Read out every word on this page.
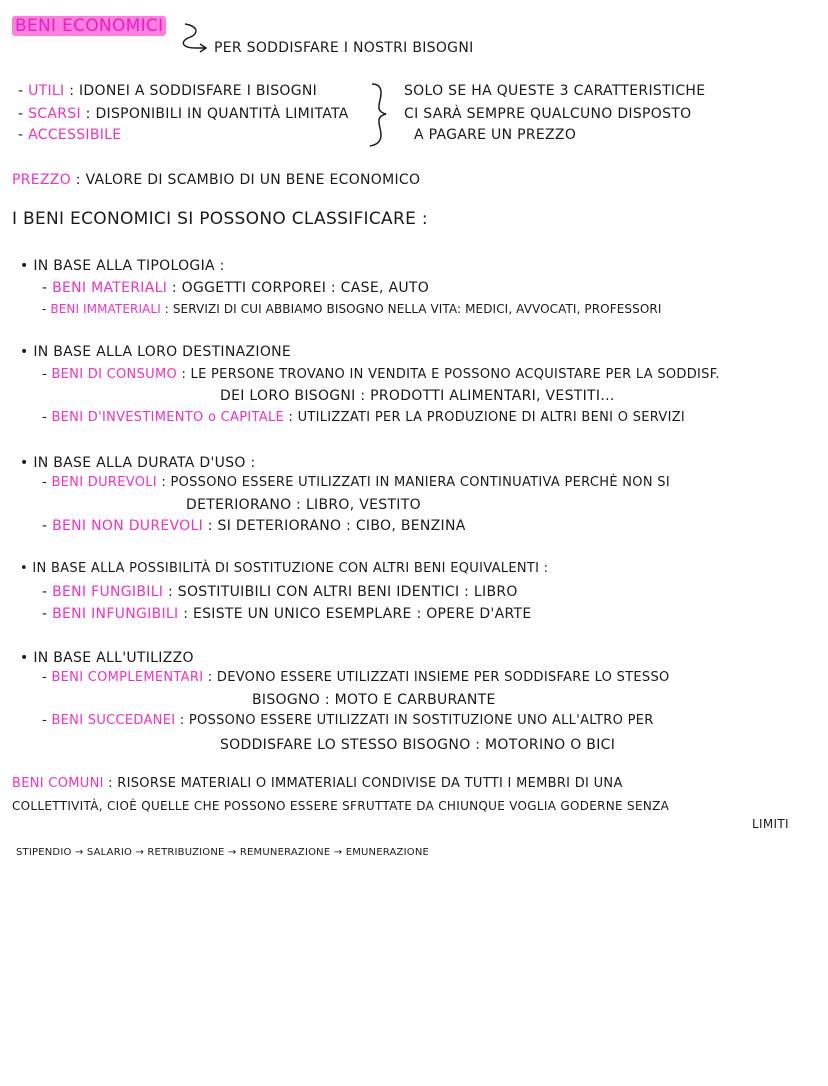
BENI ECONOMICI
PER SODDISFARE I NOSTRI BISOGNI
- UTILI : IDONEI A SODDISFARE I BISOGNI
- SCARSI : DISPONIBILI IN QUANTITÀ LIMITATA
- ACCESSIBILE
SOLO SE HA QUESTE 3 CARATTERISTICHE
CI SARÀ SEMPRE QUALCUNO DISPOSTO
A PAGARE UN PREZZO
PREZZO : VALORE DI SCAMBIO DI UN BENE ECONOMICO
I BENI ECONOMICI SI POSSONO CLASSIFICARE :
• IN BASE ALLA TIPOLOGIA :
- BENI MATERIALI : OGGETTI CORPOREI : CASE, AUTO
- BENI IMMATERIALI : SERVIZI DI CUI ABBIAMO BISOGNO NELLA VITA: MEDICI, AVVOCATI, PROFESSORI
• IN BASE ALLA LORO DESTINAZIONE
- BENI DI CONSUMO : LE PERSONE TROVANO IN VENDITA E POSSONO ACQUISTARE PER LA SODDISF.
DEI LORO BISOGNI : PRODOTTI ALIMENTARI, VESTITI...
- BENI D'INVESTIMENTO o CAPITALE : UTILIZZATI PER LA PRODUZIONE DI ALTRI BENI O SERVIZI
• IN BASE ALLA DURATA D'USO :
- BENI DUREVOLI : POSSONO ESSERE UTILIZZATI IN MANIERA CONTINUATIVA PERCHÈ NON SI
DETERIORANO : LIBRO, VESTITO
- BENI NON DUREVOLI : SI DETERIORANO : CIBO, BENZINA
• IN BASE ALLA POSSIBILITÀ DI SOSTITUZIONE CON ALTRI BENI EQUIVALENTI :
- BENI FUNGIBILI : SOSTITUIBILI CON ALTRI BENI IDENTICI : LIBRO
- BENI INFUNGIBILI : ESISTE UN UNICO ESEMPLARE : OPERE D'ARTE
• IN BASE ALL'UTILIZZO
- BENI COMPLEMENTARI : DEVONO ESSERE UTILIZZATI INSIEME PER SODDISFARE LO STESSO
BISOGNO : MOTO E CARBURANTE
- BENI SUCCEDANEI : POSSONO ESSERE UTILIZZATI IN SOSTITUZIONE UNO ALL'ALTRO PER
SODDISFARE LO STESSO BISOGNO : MOTORINO O BICI
BENI COMUNI : RISORSE MATERIALI O IMMATERIALI CONDIVISE DA TUTTI I MEMBRI DI UNA
COLLETTIVITÀ, CIOÈ QUELLE CHE POSSONO ESSERE SFRUTTATE DA CHIUNQUE VOGLIA GODERNE SENZA
LIMITI
STIPENDIO → SALARIO → RETRIBUZIONE → REMUNERAZIONE → EMUNERAZIONE
